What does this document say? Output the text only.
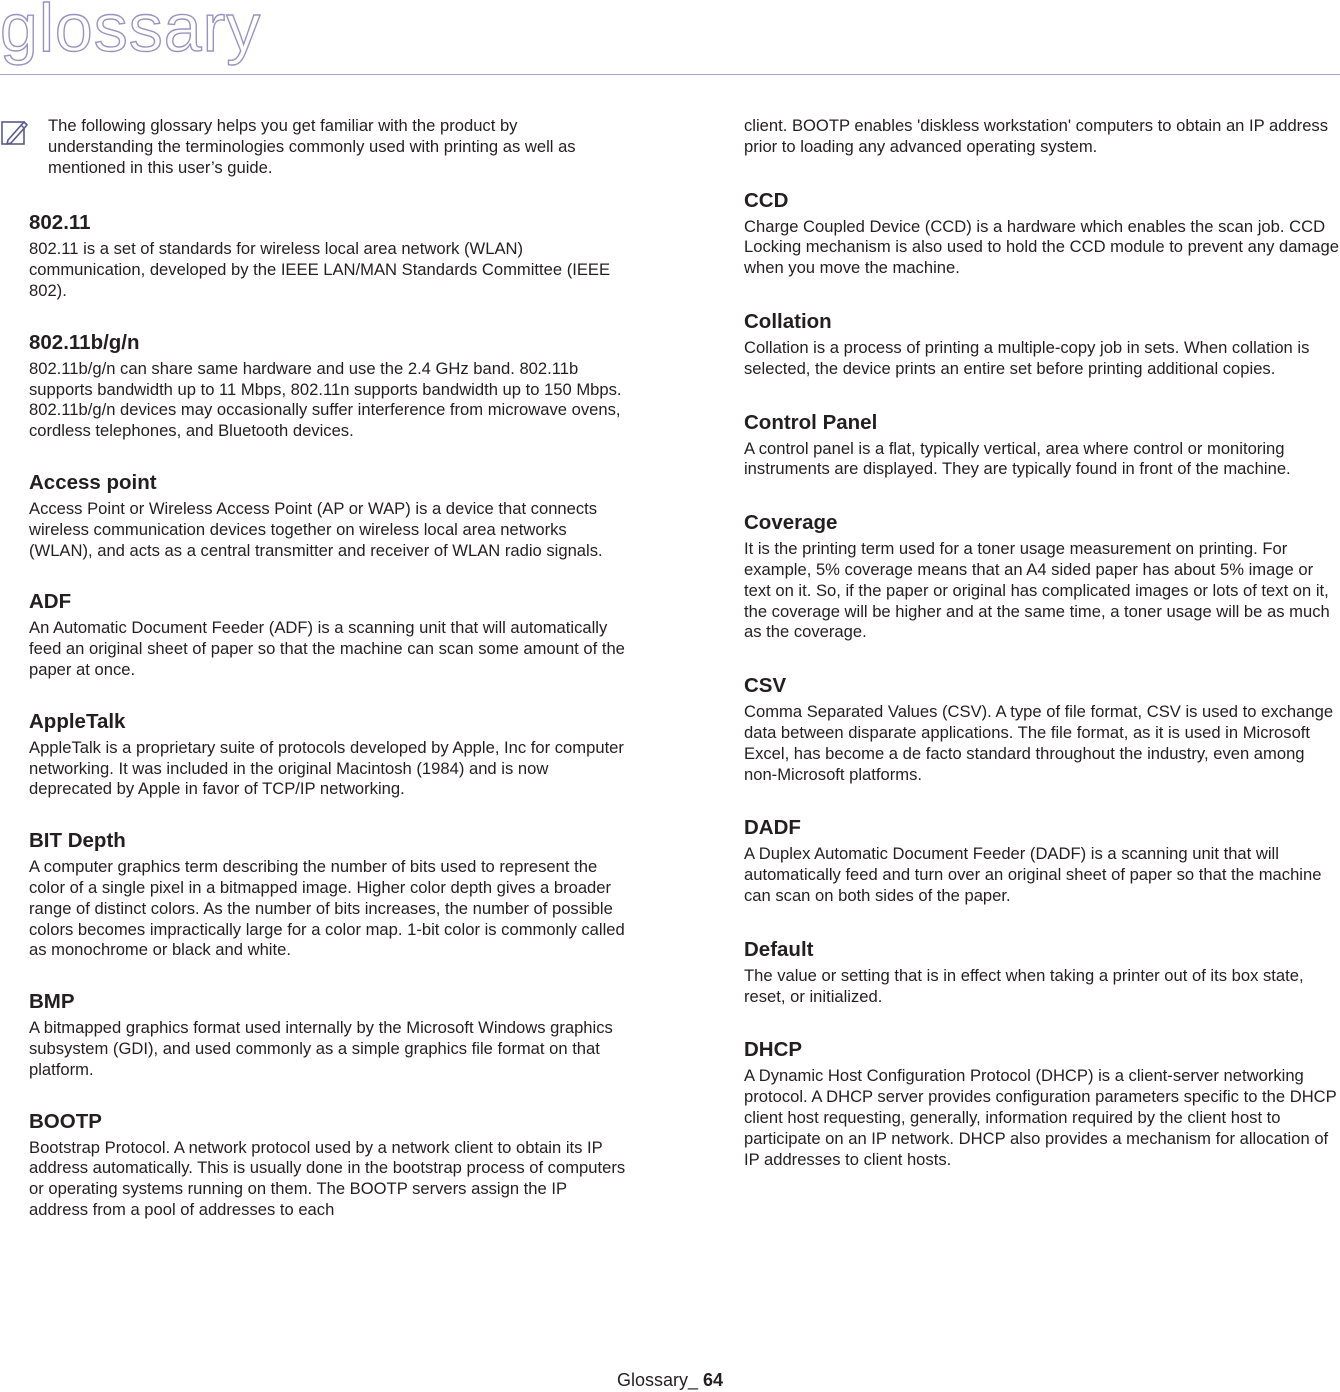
glossary

The following glossary helps you get familiar with the product by understanding the terminologies commonly used with printing as well as mentioned in this user’s guide.

802.11

802.11 is a set of standards for wireless local area network (WLAN) communication, developed by the IEEE LAN/MAN Standards Committee (IEEE 802).

802.11b/g/n

802.11b/g/n can share same hardware and use the 2.4 GHz band. 802.11b supports bandwidth up to 11 Mbps, 802.11n supports bandwidth up to 150 Mbps. 802.11b/g/n devices may occasionally suffer interference from microwave ovens, cordless telephones, and Bluetooth devices.

Access point

Access Point or Wireless Access Point (AP or WAP) is a device that connects wireless communication devices together on wireless local area networks (WLAN), and acts as a central transmitter and receiver of WLAN radio signals.

ADF

An Automatic Document Feeder (ADF) is a scanning unit that will automatically feed an original sheet of paper so that the machine can scan some amount of the paper at once.

AppleTalk

AppleTalk is a proprietary suite of protocols developed by Apple, Inc for computer networking. It was included in the original Macintosh (1984) and is now deprecated by Apple in favor of TCP/IP networking.

BIT Depth

A computer graphics term describing the number of bits used to represent the color of a single pixel in a bitmapped image. Higher color depth gives a broader range of distinct colors. As the number of bits increases, the number of possible colors becomes impractically large for a color map. 1-bit color is commonly called as monochrome or black and white.

BMP

A bitmapped graphics format used internally by the Microsoft Windows graphics subsystem (GDI), and used commonly as a simple graphics file format on that platform.

BOOTP

Bootstrap Protocol. A network protocol used by a network client to obtain its IP address automatically. This is usually done in the bootstrap process of computers or operating systems running on them. The BOOTP servers assign the IP address from a pool of addresses to each

client. BOOTP enables 'diskless workstation' computers to obtain an IP address prior to loading any advanced operating system.

CCD

Charge Coupled Device (CCD) is a hardware which enables the scan job. CCD Locking mechanism is also used to hold the CCD module to prevent any damage when you move the machine.

Collation

Collation is a process of printing a multiple-copy job in sets. When collation is selected, the device prints an entire set before printing additional copies.

Control Panel

A control panel is a flat, typically vertical, area where control or monitoring instruments are displayed. They are typically found in front of the machine.

Coverage

It is the printing term used for a toner usage measurement on printing. For example, 5% coverage means that an A4 sided paper has about 5% image or text on it. So, if the paper or original has complicated images or lots of text on it, the coverage will be higher and at the same time, a toner usage will be as much as the coverage.

CSV

Comma Separated Values (CSV). A type of file format, CSV is used to exchange data between disparate applications. The file format, as it is used in Microsoft Excel, has become a de facto standard throughout the industry, even among non-Microsoft platforms.

DADF

A Duplex Automatic Document Feeder (DADF) is a scanning unit that will automatically feed and turn over an original sheet of paper so that the machine can scan on both sides of the paper.

Default

The value or setting that is in effect when taking a printer out of its box state, reset, or initialized.

DHCP

A Dynamic Host Configuration Protocol (DHCP) is a client-server networking protocol. A DHCP server provides configuration parameters specific to the DHCP client host requesting, generally, information required by the client host to participate on an IP network. DHCP also provides a mechanism for allocation of IP addresses to client hosts.

Glossary_ 64
